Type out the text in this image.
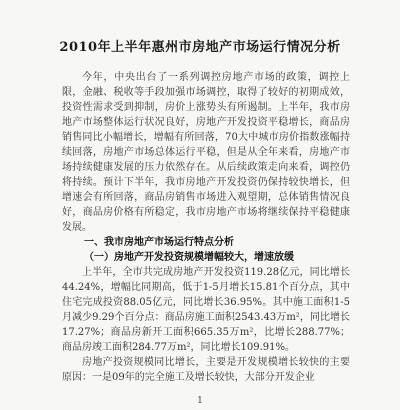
2010年上半年惠州市房地产市场运行情况分析

今年，中央出台了一系列调控房地产市场的政策，调控上限，金融、税收等手段加强市场调控，取得了较好的初期成效，投资性需求受到抑制，房价上涨势头有所遏制。上半年，我市房地产市场整体运行状况良好，房地产开发投资平稳增长，商品房销售同比小幅增长，增幅有所回落，70大中城市房价指数涨幅持续回落，房地产市场总体运行平稳，但是从全年来看，房地产市场持续健康发展的压力依然存在。从后续政策走向来看，调控仍将持续。预计下半年，我市房地产开发投资仍保持较快增长，但增速会有所回落，商品房销售市场进入观望期，总体销售情况良好，商品房价格有所稳定，我市房地产市场将继续保持平稳健康发展。

一、我市房地产市场运行特点分析

（一）房地产开发投资规模增幅较大，增速放缓

上半年，全市共完成房地产开发投资119.28亿元，同比增长44.24%，增幅比同期高，低于1-5月增长15.81个百分点，其中住宅完成投资88.05亿元，同比增长36.95%。其中施工面积1-5月减少9.29个百分点：商品房施工面积2543.43万m²，同比增长17.27%；商品房新开工面积665.35万m²，比增长288.77%；商品房竣工面积284.77万m²，同比增长109.91%。

房地产投资规模同比增长，主要是开发规模增长较快的主要原因：一是09年的完全施工及增长较快，大部分开发企业

1
